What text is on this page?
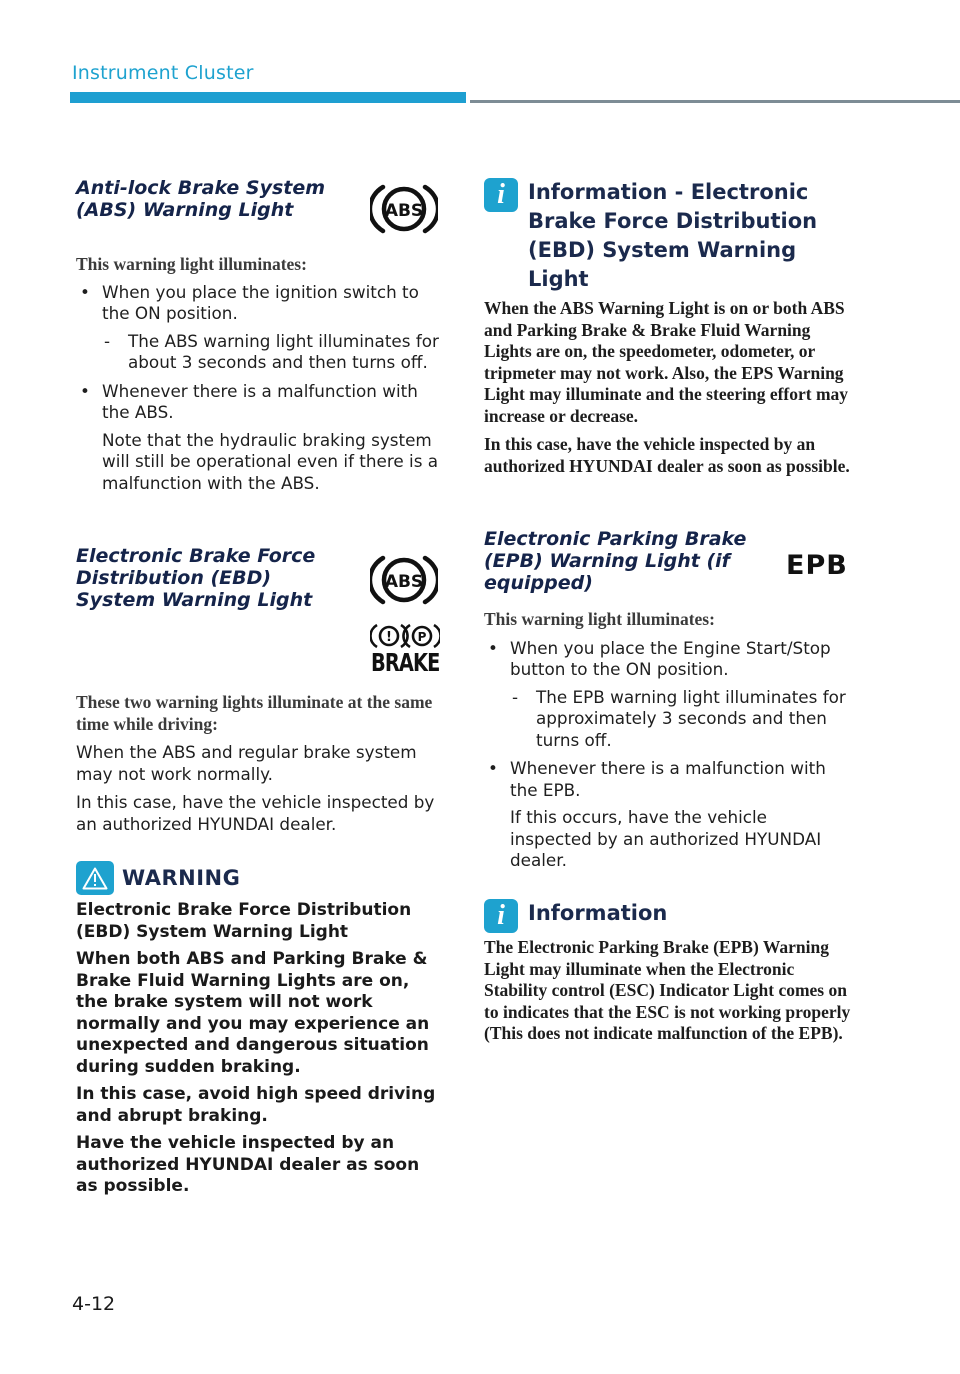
Instrument Cluster

Anti-lock Brake System (ABS) Warning Light	ABS

This warning light illuminates:

• When you place the ignition switch to the ON position.

- The ABS warning light illuminates for about 3 seconds and then turns off.

• Whenever there is a malfunction with the ABS.

Note that the hydraulic braking system will still be operational even if there is a malfunction with the ABS.

Electronic Brake Force Distribution (EBD) System Warning Light

ABS
! P
BRAKE

These two warning lights illuminate at the same time while driving:

When the ABS and regular brake system may not work normally.

In this case, have the vehicle inspected by an authorized HYUNDAI dealer.

WARNING

Electronic Brake Force Distribution (EBD) System Warning Light

When both ABS and Parking Brake & Brake Fluid Warning Lights are on, the brake system will not work normally and you may experience an unexpected and dangerous situation during sudden braking.

In this case, avoid high speed driving and abrupt braking.

Have the vehicle inspected by an authorized HYUNDAI dealer as soon as possible.

i	Information - Electronic Brake Force Distribution (EBD) System Warning Light

When the ABS Warning Light is on or both ABS and Parking Brake & Brake Fluid Warning Lights are on, the speedometer, odometer, or tripmeter may not work. Also, the EPS Warning Light may illuminate and the steering effort may increase or decrease.

In this case, have the vehicle inspected by an authorized HYUNDAI dealer as soon as possible.

Electronic Parking Brake (EPB) Warning Light (if equipped)

EPB

This warning light illuminates:

• When you place the Engine Start/Stop button to the ON position.

- The EPB warning light illuminates for approximately 3 seconds and then turns off.

• Whenever there is a malfunction with the EPB.

If this occurs, have the vehicle inspected by an authorized HYUNDAI dealer.

i	Information

The Electronic Parking Brake (EPB) Warning Light may illuminate when the Electronic Stability control (ESC) Indicator Light comes on to indicates that the ESC is not working properly (This does not indicate malfunction of the EPB).

4-12
